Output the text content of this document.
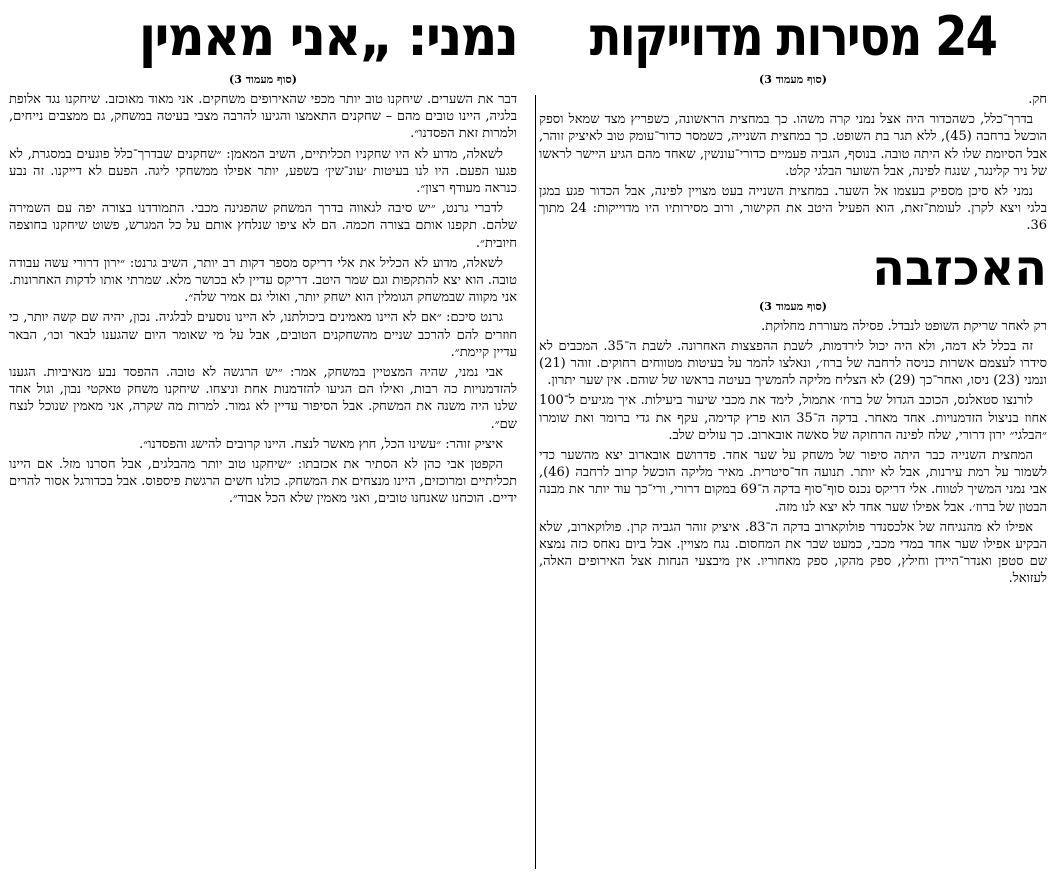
24 מסירות מדוייקות
(סוף מעמוד 3)

חק.

בדרך־כלל, כשהכדור היה אצל נמני קרה משהו. כך במחצית הראשונה, כשפריץ מצד שמאל וספק הוכשל ברחבה (45), ללא תגר בת השופט. כך במחצית השנייה, כשמסר כדור־עומק טוב לאיציק זוהר, אבל הסיומת שלו לא היתה טובה. בנוסף, הגביה פעמיים כדורי־עונשין, שאחד מהם הגיע היישר לראשו של ניר קלינגר, שנגח לפינה, אבל השוער הבלגי קלט.

נמני לא סיכן מספיק בעצמו אל השער. במחצית השנייה בעט מצויין לפינה, אבל הכדור פגע במגן בלגי ויצא לקרן. לעומת־זאת, הוא הפעיל היטב את הקישור, ורוב מסירותיו היו מדוייקות: 24 מתוך 36.

האכזבה
(סוף מעמוד 3)

רק לאחר שריקת השופט לנבדל. פסילה מעוררת מחלוקת.

זה בכלל לא דמה, ולא היה יכול לירדמות, לשבת ההפצצות האחרונה. לשבת ה־35. המכבים לא סידרו לעצמם אשרות כניסה לרחבה של ברוז׳, ונאלצו להמר על בעיטות מטווחים רחוקים. זוהר (21) ונמני (23) ניסו, ואחר־כך (29) לא הצליח מליקה להמשיך בעיטה בראשו של שוהם. אין שער יתרון.

לורנצו סטאלנס, הכוכב הגדול של ברוז׳ אתמול, לימד את מכבי שיעור ביעילות. איך מגיעים ל־100 אחוז בניצול הזדמנויות. אחד מאחר. בדקה ה־35 הוא פרץ קדימה, עקף את גדי ברומר ואת שומרו ״הבלגי״ ירון דרורי, שלח לפינה הרחוקה של סאשה אובארוב. כך עולים שלב.

המחצית השנייה כבר היתה סיפור של משחק על שער אחד. פדרושם אובארוב יצא מהשער כדי לשמור על רמת עירנות, אבל לא יותר. תנועה חד־סיטרית. מאיר מליקה הוכשל קרוב לרחבה (46), אבי נמני המשיך לטווח. אלי דריקס נכנס סוף־סוף בדקה ה־69 במקום דרורי, ורי־כך עוד יותר את מבנה הבטון של ברוז׳. אבל אפילו שער אחד לא יצא לנו מזה.

אפילו לא מהנגיחה של אלכסנדר פולוקארוב בדקה ה־83. איציק זוהר הגביה קרן. פולוקארוב, שלא הבקיע אפילו שער אחד במדי מכבי, כמעט שבר את המחסום. נגח מצויין. אבל ביום נאחס כזה נמצא שם סטפן ואנדר־היידן וחילץ, ספק מהקו, ספק מאחוריו. אין מיבצעי הנחות אצל האירופים האלה, לעזואל.

נמני: „אני מאמין
(סוף מעמוד 3)

דבר את השערים. שיחקנו טוב יותר מכפי שהאירופים משחקים. אני מאוד מאוכזב. שיחקנו נגד אלופת בלגיה, היינו טובים מהם – שחקנים התאמצו והגיעו להרבה מצבי בעיטה במשחק, גם ממצבים נייחים, ולמרות זאת הפסדנו״.

לשאלה, מדוע לא היו שחקניו תכליתיים, השיב המאמן: ״שחקנים שבדרך־כלל פוגעים במסגרת, לא פגעו הפעם. היו לנו בעיטות ׳עונ־שין׳ בשפע, יותר אפילו ממשחקי ליגה. הפעם לא דייקנו. זה נבע כנראה מעודף רצון״.

לדברי גרנט, ״יש סיבה לגאווה בדרך המשחק שהפגינה מכבי. התמודדנו בצורה יפה עם השמירה שלהם. תקפנו אותם בצורה חכמה. הם לא ציפו שנלחץ אותם על כל המגרש, פשוט שיחקנו בחוצפה חיובית״.

לשאלה, מדוע לא הכליל את אלי דריקס מספר דקות רב יותר, השיב גרנט: ״ירון דרורי עשה עבודה טובה. הוא יצא להתקפות וגם שמר היטב. דריקס עדיין לא בכושר מלא. שמרתי אותו לדקות האחרונות. אני מקווה שבמשחק הגומלין הוא ישחק יותר, ואולי גם אמיר שלה״.

גרנט סיכם: ״אם לא היינו מאמינים ביכולתנו, לא היינו נוסעים לבלגיה. נכון, יהיה שם קשה יותר, כי חוזרים להם להרכב שניים מהשחקנים הטובים, אבל על מי שאומר היום שהגענו לבאר וכו׳, הבאר עדיין קיימת״.

אבי נמני, שהיה המצטיין במשחק, אמר: ״יש הרגשה לא טובה. ההפסד נבע מנאיביות. הגענו להזדמנויות כה רבות, ואילו הם הגיעו להזדמנות אחת וניצחו. שיחקנו משחק טאקטי נבון, וגול אחד שלנו היה משנה את המשחק. אבל הסיפור עדיין לא גמור. למרות מה שקרה, אני מאמין שנוכל לנצח שם״.

איציק זוהר: ״עשינו הכל, חוץ מאשר לנצח. היינו קרובים להישג והפסדנו״.

הקפטן אבי כהן לא הסתיר את אכזבתו: ״שיחקנו טוב יותר מהבלגים, אבל חסרנו מזל. אם היינו תכליתיים ומרוכזים, היינו מנצחים את המשחק. כולנו חשים הרגשת פיספוס. אבל בכדורגל אסור להרים ידיים. הוכחנו שאנחנו טובים, ואני מאמין שלא הכל אבוד״.
